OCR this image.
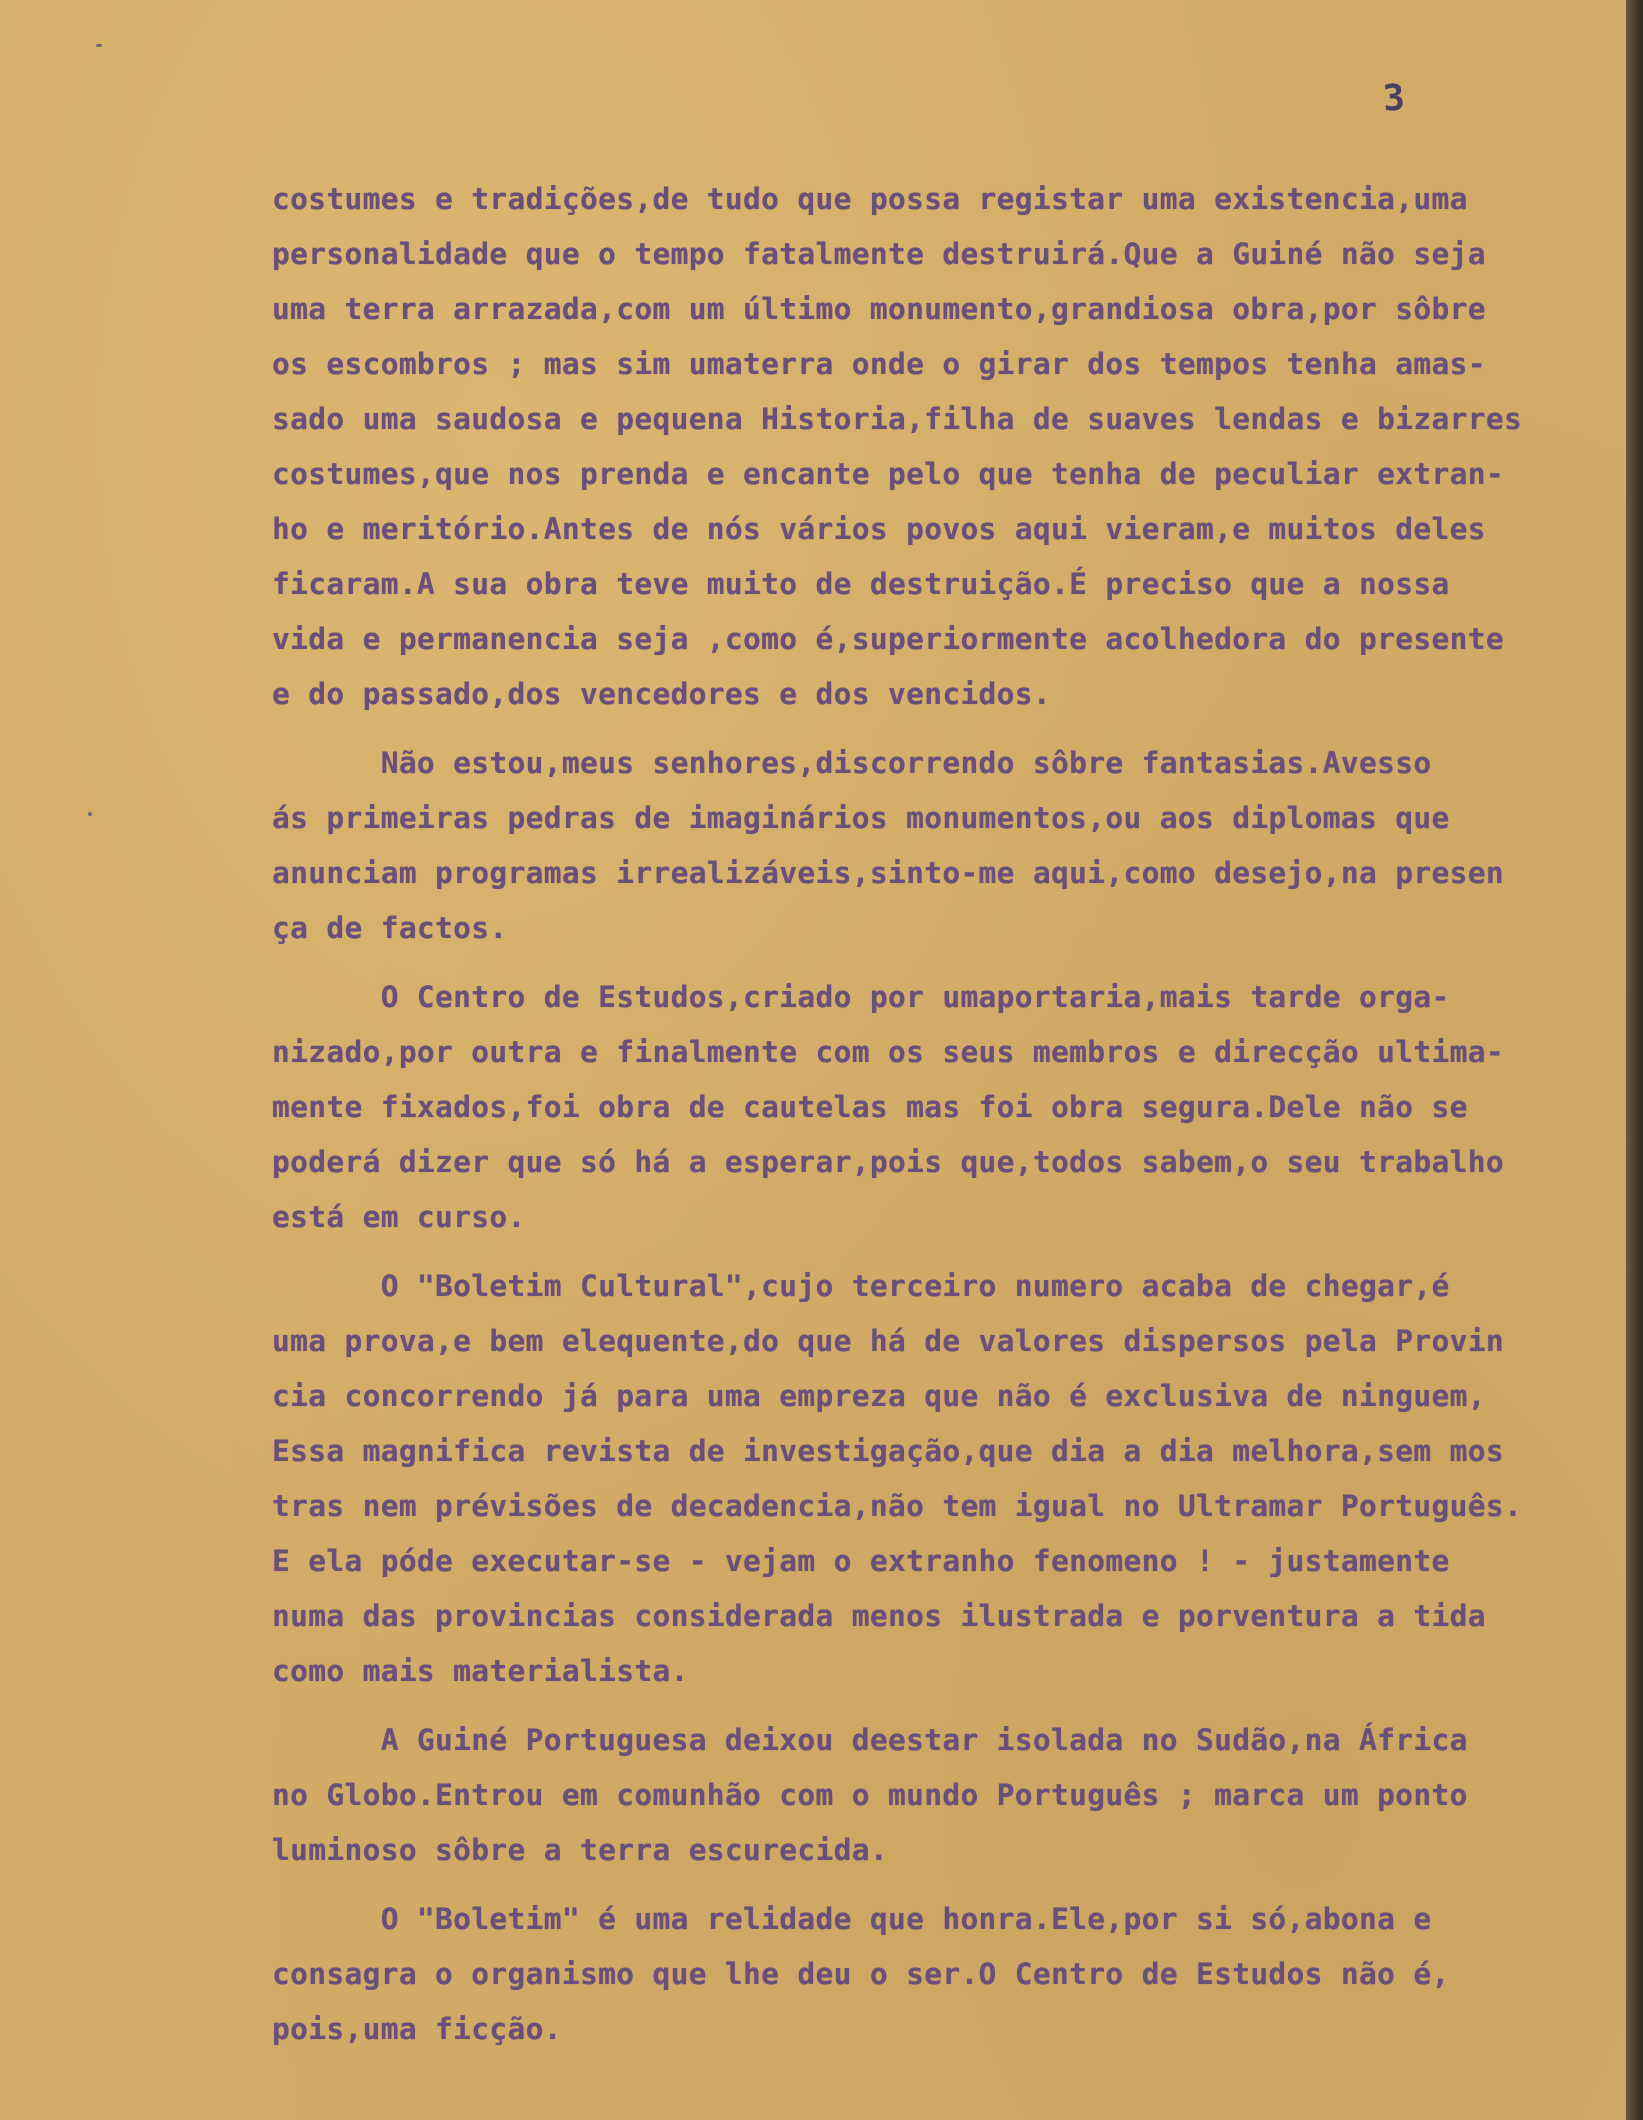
3
costumes e tradições,de tudo que possa registar uma existencia,uma
personalidade que o tempo fatalmente destruirá.Que a Guiné não seja
uma terra arrazada,com um último monumento,grandiosa obra,por sôbre
os escombros ; mas sim umaterra onde o girar dos tempos tenha amas-
sado uma saudosa e pequena Historia,filha de suaves lendas e bizarres
costumes,que nos prenda e encante pelo que tenha de peculiar extran-
ho e meritório.Antes de nós vários povos aqui vieram,e muitos deles
ficaram.A sua obra teve muito de destruição.É preciso que a nossa
vida e permanencia seja ,como é,superiormente acolhedora do presente
e do passado,dos vencedores e dos vencidos.
Não estou,meus senhores,discorrendo sôbre fantasias.Avesso
ás primeiras pedras de imaginários monumentos,ou aos diplomas que
anunciam programas irrealizáveis,sinto-me aqui,como desejo,na presen
ça de factos.
O Centro de Estudos,criado por umaportaria,mais tarde orga-
nizado,por outra e finalmente com os seus membros e direcção ultima-
mente fixados,foi obra de cautelas mas foi obra segura.Dele não se
poderá dizer que só há a esperar,pois que,todos sabem,o seu trabalho
está em curso.
O "Boletim Cultural",cujo terceiro numero acaba de chegar,é
uma prova,e bem elequente,do que há de valores dispersos pela Provin
cia concorrendo já para uma empreza que não é exclusiva de ninguem,
Essa magnifica revista de investigação,que dia a dia melhora,sem mos
tras nem prévisões de decadencia,não tem igual no Ultramar Português.
E ela póde executar-se - vejam o extranho fenomeno ! - justamente
numa das provincias considerada menos ilustrada e porventura a tida
como mais materialista.
A Guiné Portuguesa deixou deestar isolada no Sudão,na África
no Globo.Entrou em comunhão com o mundo Português ; marca um ponto
luminoso sôbre a terra escurecida.
O "Boletim" é uma relidade que honra.Ele,por si só,abona e
consagra o organismo que lhe deu o ser.O Centro de Estudos não é,
pois,uma ficção.
